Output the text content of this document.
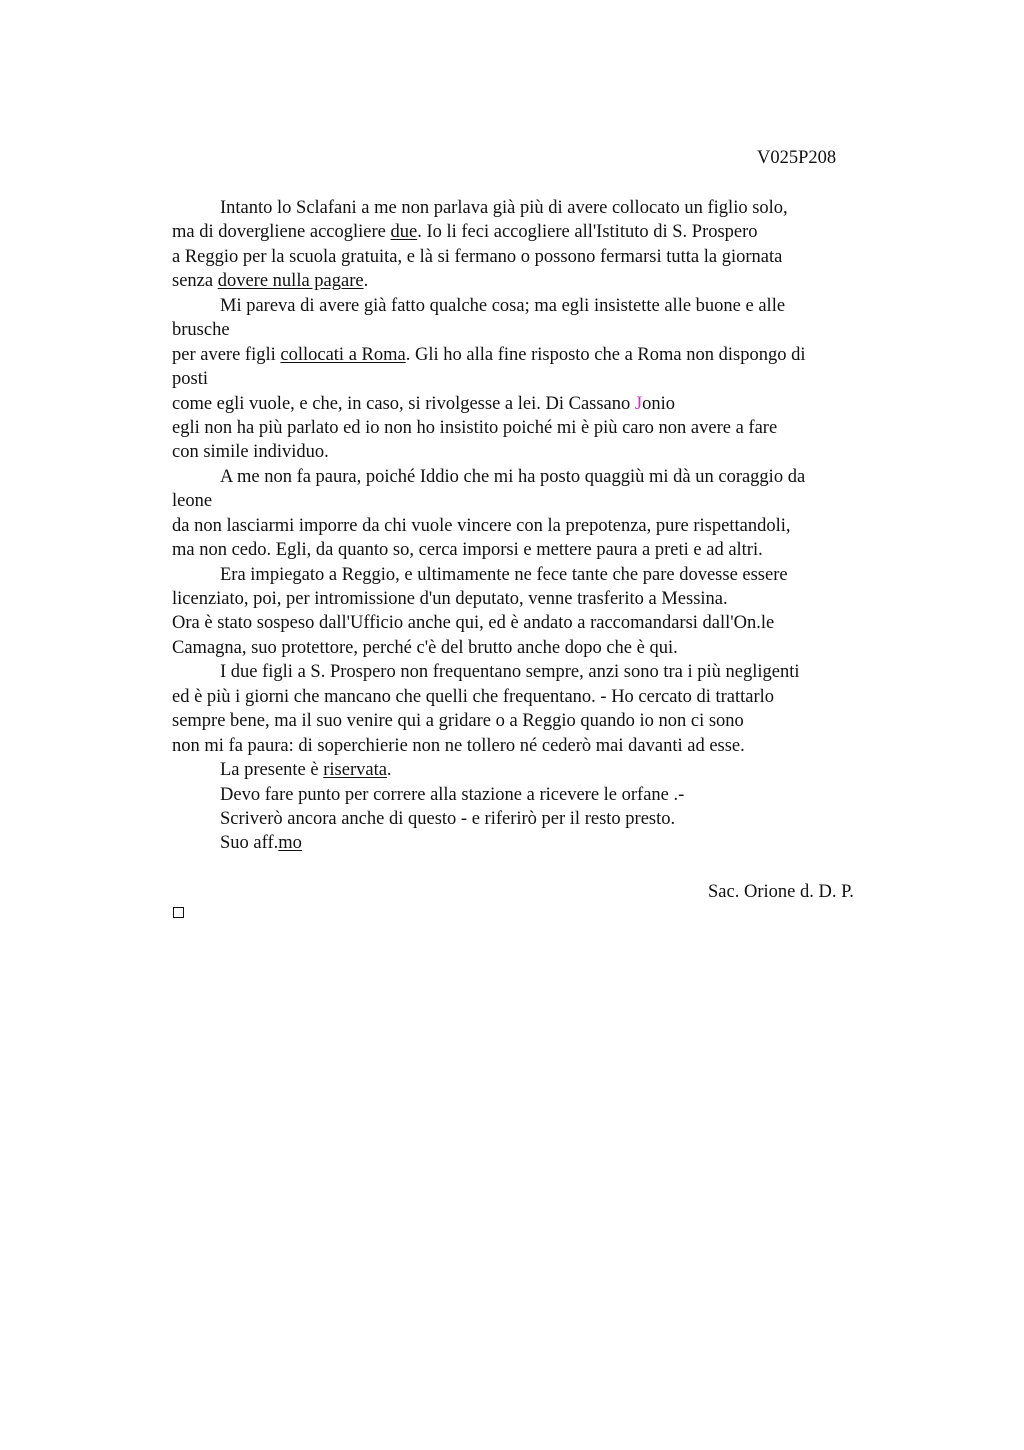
V025P208
Intanto lo Sclafani a me non parlava già più di avere collocato un figlio solo,
ma di dovergliene accogliere due. Io li feci accogliere all'Istituto di S. Prospero
a Reggio per la scuola gratuita, e là si fermano o possono fermarsi tutta la giornata
senza dovere nulla pagare.
Mi pareva di avere già fatto qualche cosa; ma egli insistette alle buone e alle
brusche
per avere figli collocati a Roma. Gli ho alla fine risposto che a Roma non dispongo di
posti
come egli vuole, e che, in caso, si rivolgesse a lei. Di Cassano Jonio
egli non ha più parlato ed io non ho insistito poiché mi è più caro non avere a fare
con simile individuo.
A me non fa paura, poiché Iddio che mi ha posto quaggiù mi dà un coraggio da
leone
da non lasciarmi imporre da chi vuole vincere con la prepotenza, pure rispettandoli,
ma non cedo. Egli, da quanto so, cerca imporsi e mettere paura a preti e ad altri.
Era impiegato a Reggio, e ultimamente ne fece tante che pare dovesse essere
licenziato, poi, per intromissione d'un deputato, venne trasferito a Messina.
Ora è stato sospeso dall'Ufficio anche qui, ed è andato a raccomandarsi dall'On.le
Camagna, suo protettore, perché c'è del brutto anche dopo che è qui.
I due figli a S. Prospero non frequentano sempre, anzi sono tra i più negligenti
ed è più i giorni che mancano che quelli che frequentano. - Ho cercato di trattarlo
sempre bene, ma il suo venire qui a gridare o a Reggio quando io non ci sono
non mi fa paura: di soperchierie non ne tollero né cederò mai davanti ad esse.
La presente è riservata.
Devo fare punto per correre alla stazione a ricevere le orfane .-
Scriverò ancora anche di questo - e riferirò per il resto presto.
Suo aff.mo
Sac. Orione d. D. P.
